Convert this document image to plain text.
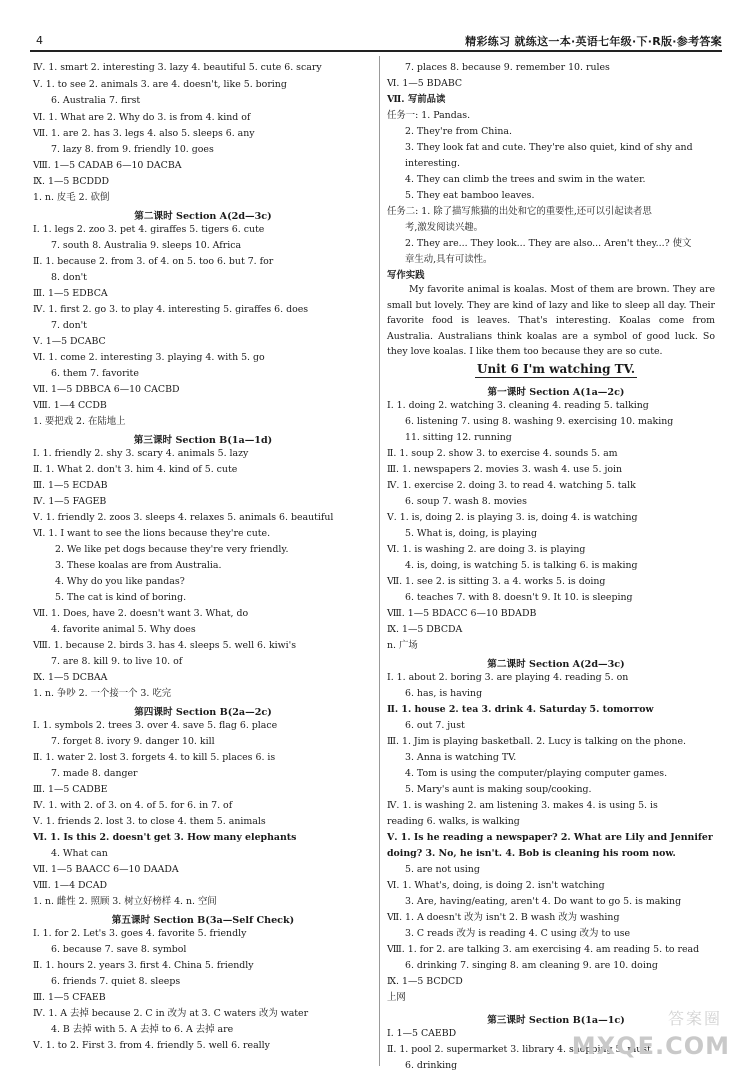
4	精彩练习 就练这一本·英语七年级·下·R版·参考答案
Ⅳ. 1. smart 2. interesting 3. lazy 4. beautiful 5. cute 6. scary
Ⅴ. 1. to see 2. animals 3. are 4. doesn't, like 5. boring
6. Australia 7. first
Ⅵ. 1. What are 2. Why do 3. is from 4. kind of
Ⅶ. 1. are 2. has 3. legs 4. also 5. sleeps 6. any
7. lazy 8. from 9. friendly 10. goes
Ⅷ. 1—5 CADAB 6—10 DACBA
Ⅸ. 1—5 BCDDD
1. n. 皮毛 2. 砍倒
第二课时 Section A(2d—3c)
Ⅰ. 1. legs 2. zoo 3. pet 4. giraffes 5. tigers 6. cute
7. south 8. Australia 9. sleeps 10. Africa
Ⅱ. 1. because 2. from 3. of 4. on 5. too 6. but 7. for
8. don't
Ⅲ. 1—5 EDBCA
Ⅳ. 1. first 2. go 3. to play 4. interesting 5. giraffes 6. does
7. don't
Ⅴ. 1—5 DCABC
Ⅵ. 1. come 2. interesting 3. playing 4. with 5. go
6. them 7. favorite
Ⅶ. 1—5 DBBCA 6—10 CACBD
Ⅷ. 1—4 CCDB
1. 要把戏 2. 在陆地上
第三课时 Section B(1a—1d)
Ⅰ. 1. friendly 2. shy 3. scary 4. animals 5. lazy
Ⅱ. 1. What 2. don't 3. him 4. kind of 5. cute
Ⅲ. 1—5 ECDAB
Ⅳ. 1—5 FAGEB
Ⅴ. 1. friendly 2. zoos 3. sleeps 4. relaxes 5. animals 6. beautiful
Ⅵ. 1. I want to see the lions because they're cute.
2. We like pet dogs because they're very friendly.
3. These koalas are from Australia.
4. Why do you like pandas?
5. The cat is kind of boring.
Ⅶ. 1. Does, have 2. doesn't want 3. What, do
4. favorite animal 5. Why does
Ⅷ. 1. because 2. birds 3. has 4. sleeps 5. well 6. kiwi's
7. are 8. kill 9. to live 10. of
Ⅸ. 1—5 DCBAA
1. n. 争吵 2. 一个接一个 3. 吃完
第四课时 Section B(2a—2c)
Ⅰ. 1. symbols 2. trees 3. over 4. save 5. flag 6. place
7. forget 8. ivory 9. danger 10. kill
Ⅱ. 1. water 2. lost 3. forgets 4. to kill 5. places 6. is
7. made 8. danger
Ⅲ. 1—5 CADBE
Ⅳ. 1. with 2. of 3. on 4. of 5. for 6. in 7. of
Ⅴ. 1. friends 2. lost 3. to close 4. them 5. animals
Ⅵ. 1. Is this 2. doesn't get 3. How many elephants
4. What can
Ⅶ. 1—5 BAACC 6—10 DAADA
Ⅷ. 1—4 DCAD
1. n. 雌性 2. 照顾 3. 树立好榜样 4. n. 空间
第五课时 Section B(3a—Self Check)
Ⅰ. 1. for 2. Let's 3. goes 4. favorite 5. friendly
6. because 7. save 8. symbol
Ⅱ. 1. hours 2. years 3. first 4. China 5. friendly
6. friends 7. quiet 8. sleeps
Ⅲ. 1—5 CFAEB
Ⅳ. 1. A 去掉 because 2. C in 改为 at 3. C waters 改为 water
4. B 去掉 with 5. A 去掉 to 6. A 去掉 are
Ⅴ. 1. to 2. First 3. from 4. friendly 5. well 6. really
7. places 8. because 9. remember 10. rules
Ⅵ. 1—5 BDABC
Ⅶ. 写前品读
任务一: 1. Pandas.
2. They're from China.
3. They look fat and cute. They're also quiet, kind of shy and
interesting.
4. They can climb the trees and swim in the water.
5. They eat bamboo leaves.
任务二: 1. 除了描写熊猫的出处和它的重要性,还可以引起读者思
考,激发阅读兴趣。
2. They are... They look... They are also... Aren't they...? 使文
章生动,具有可读性。
写作实践
My favorite animal is koalas. Most of them are brown. They are small but lovely. They are kind of lazy and like to sleep all day. Their favorite food is leaves. That's interesting. Koalas come from Australia. Australians think koalas are a symbol of good luck. So they love koalas. I like them too because they are so cute.
Unit 6 I'm watching TV.
第一课时 Section A(1a—2c)
Ⅰ. 1. doing 2. watching 3. cleaning 4. reading 5. talking
6. listening 7. using 8. washing 9. exercising 10. making
11. sitting 12. running
Ⅱ. 1. soup 2. show 3. to exercise 4. sounds 5. am
Ⅲ. 1. newspapers 2. movies 3. wash 4. use 5. join
Ⅳ. 1. exercise 2. doing 3. to read 4. watching 5. talk
6. soup 7. wash 8. movies
Ⅴ. 1. is, doing 2. is playing 3. is, doing 4. is watching
5. What is, doing, is playing
Ⅵ. 1. is washing 2. are doing 3. is playing
4. is, doing, is watching 5. is talking 6. is making
Ⅶ. 1. see 2. is sitting 3. a 4. works 5. is doing
6. teaches 7. with 8. doesn't 9. It 10. is sleeping
Ⅷ. 1—5 BDACC 6—10 BDADB
Ⅸ. 1—5 DBCDA
n. 广场
第二课时 Section A(2d—3c)
Ⅰ. 1. about 2. boring 3. are playing 4. reading 5. on
6. has, is having
Ⅱ. 1. house 2. tea 3. drink 4. Saturday 5. tomorrow
6. out 7. just
Ⅲ. 1. Jim is playing basketball. 2. Lucy is talking on the phone.
3. Anna is watching TV.
4. Tom is using the computer/playing computer games.
5. Mary's aunt is making soup/cooking.
Ⅳ. 1. is washing 2. am listening 3. makes 4. is using 5. is
reading 6. walks, is walking
Ⅴ. 1. Is he reading a newspaper? 2. What are Lily and Jennifer
doing? 3. No, he isn't. 4. Bob is cleaning his room now.
5. are not using
Ⅵ. 1. What's, doing, is doing 2. isn't watching
3. Are, having/eating, aren't 4. Do want to go 5. is making
Ⅶ. 1. A doesn't 改为 isn't 2. B wash 改为 washing
3. C reads 改为 is reading 4. C using 改为 to use
Ⅷ. 1. for 2. are talking 3. am exercising 4. am reading 5. to read
6. drinking 7. singing 8. am cleaning 9. are 10. doing
Ⅸ. 1—5 BCDCD
上网
第三课时 Section B(1a—1c)
Ⅰ. 1—5 CAEBD
Ⅱ. 1. pool 2. supermarket 3. library 4. shopping 5. must
6. drinking
答案圈
MXQE.COM
